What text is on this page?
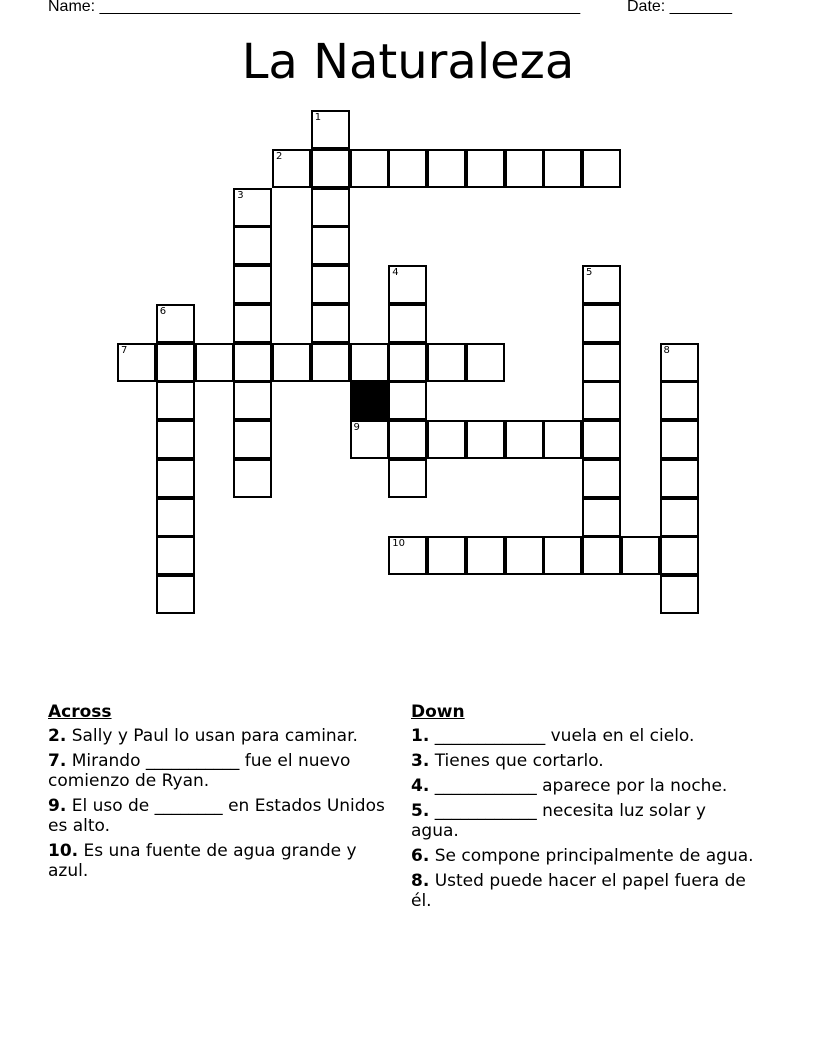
Name: ______________________________________________________	Date: _______
La Naturaleza
1
2
3
4	5
6
7	8
9
10
Across
2. Sally y Paul lo usan para caminar.
7. Mirando ___________ fue el nuevo comienzo de Ryan.
9. El uso de ________ en Estados Unidos es alto.
10. Es una fuente de agua grande y azul.
Down
1. _____________ vuela en el cielo.
3. Tienes que cortarlo.
4. ____________ aparece por la noche.
5. ____________ necesita luz solar y agua.
6. Se compone principalmente de agua.
8. Usted puede hacer el papel fuera de él.
